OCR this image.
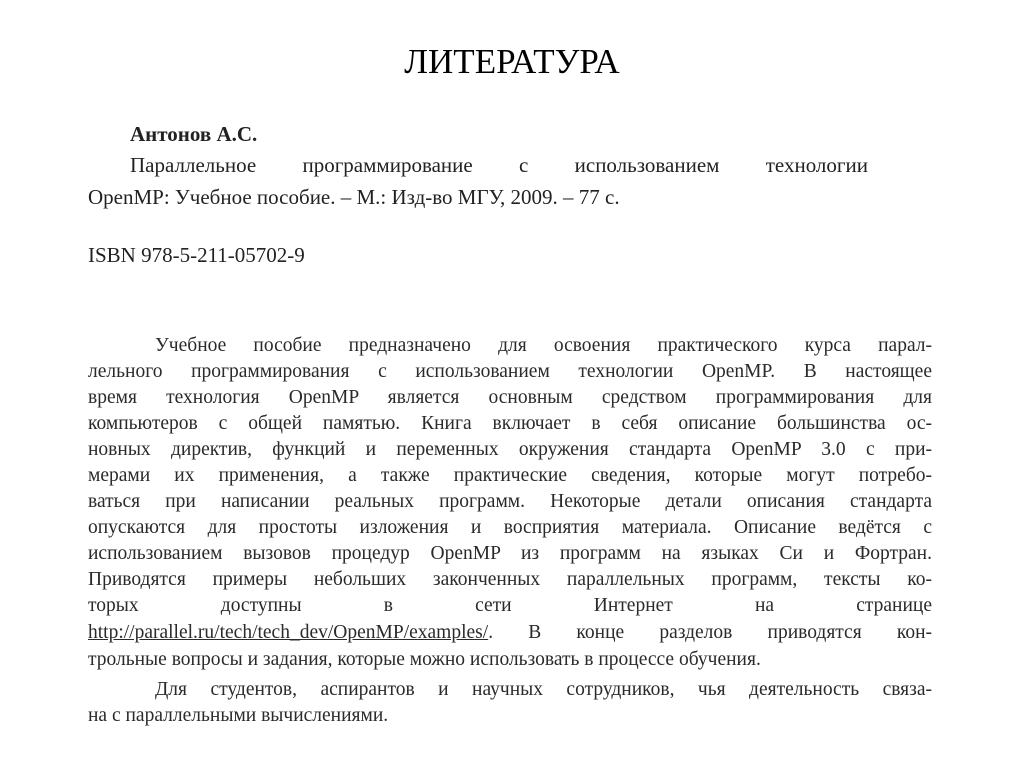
ЛИТЕРАТУРА
Антонов А.С.
Параллельное программирование с использованием технологии
OpenMP: Учебное пособие. – М.: Изд-во МГУ, 2009. – 77 с.
ISBN 978-5-211-05702-9
Учебное пособие предназначено для освоения практического курса парал-
лельного программирования с использованием технологии OpenMP. В настоящее
время технология OpenMP является основным средством программирования для
компьютеров с общей памятью. Книга включает в себя описание большинства ос-
новных директив, функций и переменных окружения стандарта OpenMP 3.0 с при-
мерами их применения, а также практические сведения, которые могут потребо-
ваться при написании реальных программ. Некоторые детали описания стандарта
опускаются для простоты изложения и восприятия материала. Описание ведётся с
использованием вызовов процедур OpenMP из программ на языках Си и Фортран.
Приводятся примеры небольших законченных параллельных программ, тексты ко-
торых доступны в сети Интернет на странице
http://parallel.ru/tech/tech_dev/OpenMP/examples/. В конце разделов приводятся кон-
трольные вопросы и задания, которые можно использовать в процессе обучения.
Для студентов, аспирантов и научных сотрудников, чья деятельность связа-
на с параллельными вычислениями.
